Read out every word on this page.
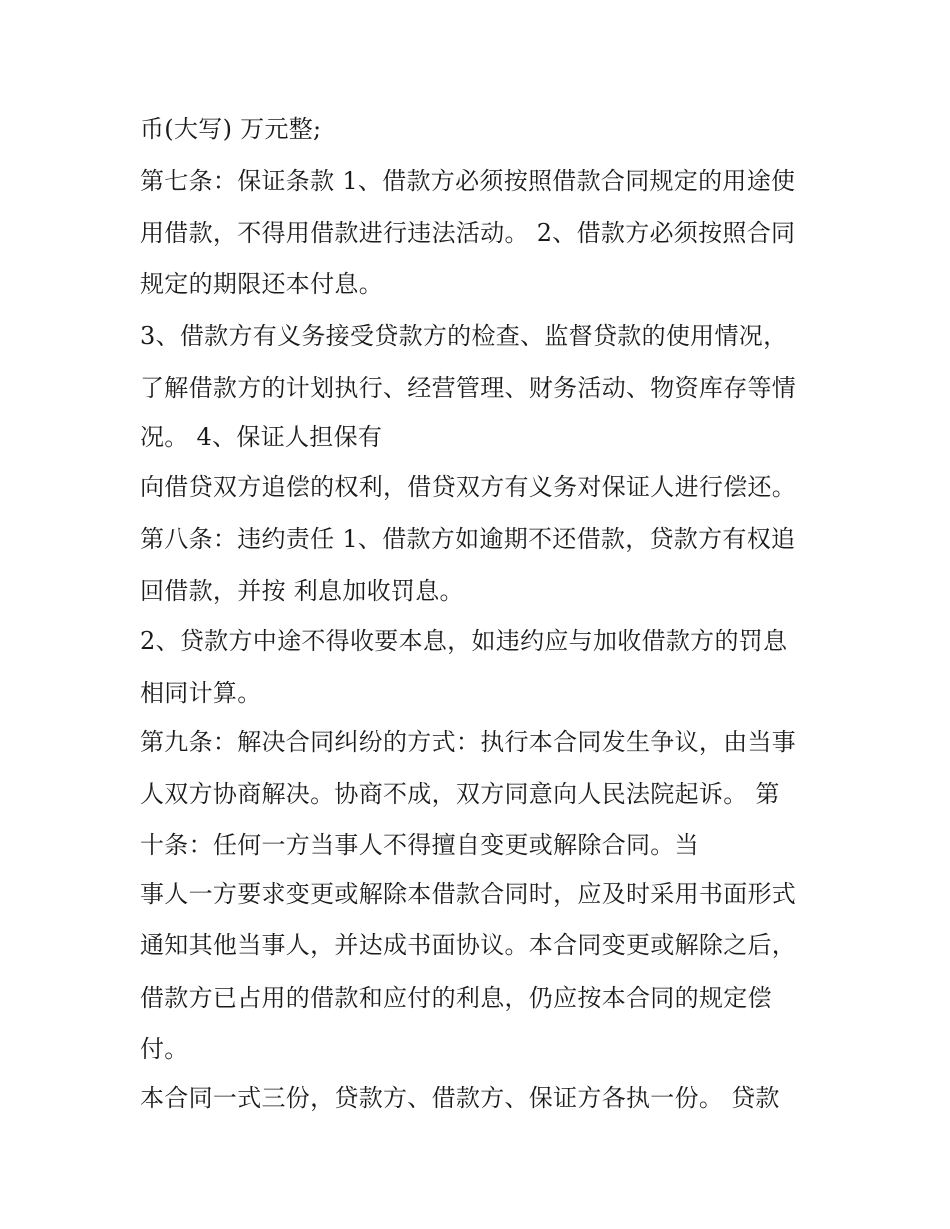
币(大写) 万元整;
第七条：保证条款 1、借款方必须按照借款合同规定的用途使
用借款，不得用借款进行违法活动。 2、借款方必须按照合同
规定的期限还本付息。
3、借款方有义务接受贷款方的检查、监督贷款的使用情况，
了解借款方的计划执行、经营管理、财务活动、物资库存等情
况。 4、保证人担保有
向借贷双方追偿的权利，借贷双方有义务对保证人进行偿还。
第八条：违约责任 1、借款方如逾期不还借款，贷款方有权追
回借款，并按 利息加收罚息。
2、贷款方中途不得收要本息，如违约应与加收借款方的罚息
相同计算。
第九条：解决合同纠纷的方式：执行本合同发生争议，由当事
人双方协商解决。协商不成，双方同意向人民法院起诉。 第
十条：任何一方当事人不得擅自变更或解除合同。当
事人一方要求变更或解除本借款合同时，应及时采用书面形式
通知其他当事人，并达成书面协议。本合同变更或解除之后，
借款方已占用的借款和应付的利息，仍应按本合同的规定偿
付。
本合同一式三份，贷款方、借款方、保证方各执一份。 贷款
